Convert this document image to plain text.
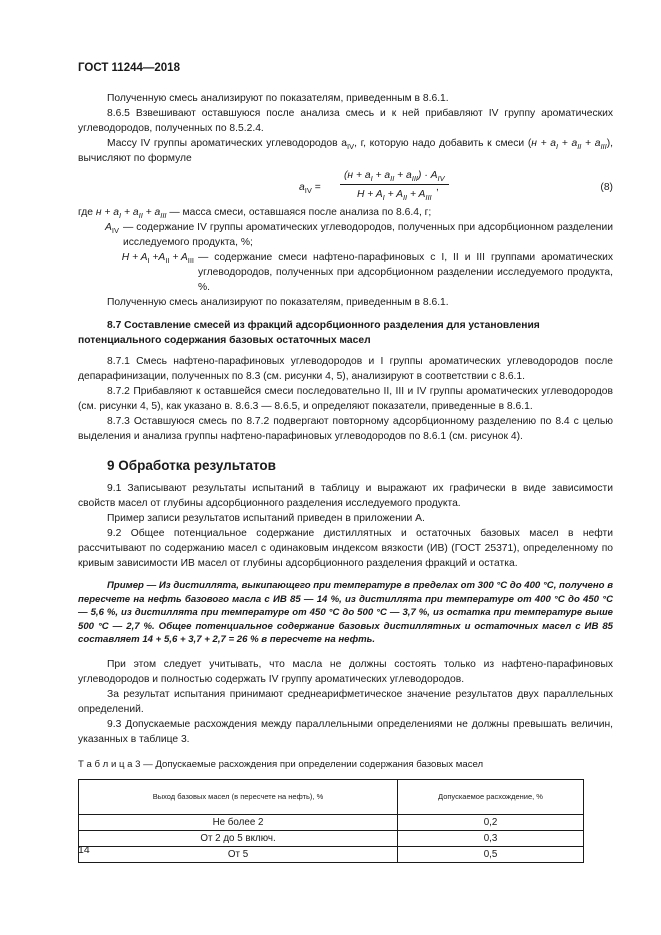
ГОСТ 11244—2018

Полученную смесь анализируют по показателям, приведенным в 8.6.1.

8.6.5 Взвешивают оставшуюся после анализа смесь и к ней прибавляют IV группу ароматических углеводородов, полученных по 8.5.2.4.

Массу IV группы ароматических углеводородов $a_{IV}$, г, которую надо добавить к смеси $(н + a_I + a_{II} + a_{III})$, вычисляют по формуле

$a_{IV}$ =
$(н + a_I + a_{II} + a_{III}) \cdot A_{IV}$
$H + A_I + A_{II} + A_{III}$
,	(8)

где $н + a_I + a_{II} + a_{III}$ — масса смеси, оставшаяся после анализа по 8.6.4, г;

$A_{IV}$ — содержание IV группы ароматических углеводородов, полученных при адсорбционном разделении исследуемого продукта, %;
$H + A_I +A_{II} + A_{III}$ — содержание смеси нафтено-парафиновых с I, II и III группами ароматических углеводородов, полученных при адсорбционном разделении исследуемого продукта, %.

Полученную смесь анализируют по показателям, приведенным в 8.6.1.

8.7 Составление смесей из фракций адсорбционного разделения для установления потенциального содержания базовых остаточных масел

8.7.1 Смесь нафтено-парафиновых углеводородов и I группы ароматических углеводородов после депарафинизации, полученных по 8.3 (см. рисунки 4, 5), анализируют в соответствии с 8.6.1.

8.7.2 Прибавляют к оставшейся смеси последовательно II, III и IV группы ароматических углеводородов (см. рисунки 4, 5), как указано в. 8.6.3 — 8.6.5, и определяют показатели, приведенные в 8.6.1.

8.7.3 Оставшуюся смесь по 8.7.2 подвергают повторному адсорбционному разделению по 8.4 с целью выделения и анализа группы нафтено-парафиновых углеводородов по 8.6.1 (см. рисунок 4).

9 Обработка результатов

9.1 Записывают результаты испытаний в таблицу и выражают их графически в виде зависимости свойств масел от глубины адсорбционного разделения исследуемого продукта.

Пример записи результатов испытаний приведен в приложении А.

9.2 Общее потенциальное содержание дистиллятных и остаточных базовых масел в нефти рассчитывают по содержанию масел с одинаковым индексом вязкости (ИВ) (ГОСТ 25371), определенному по кривым зависимости ИВ масел от глубины адсорбционного разделения фракций и остатка.

Пример — Из дистиллята, выкипающего при температуре в пределах от 300 °С до 400 °С, получено в пересчете на нефть базового масла с ИВ 85 — 14 %, из дистиллята при температуре от 400 °С до 450 °С — 5,6 %, из дистиллята при температуре от 450 °С до 500 °С — 3,7 %, из остатка при температуре выше 500 °С — 2,7 %. Общее потенциальное содержание базовых дистиллятных и остаточных масел с ИВ 85 составляет 14 + 5,6 + 3,7 + 2,7 = 26 % в пересчете на нефть.

При этом следует учитывать, что масла не должны состоять только из нафтено-парафиновых углеводородов и полностью содержать IV группу ароматических углеводородов.

За результат испытания принимают среднеарифметическое значение результатов двух параллельных определений.

9.3 Допускаемые расхождения между параллельными определениями не должны превышать величин, указанных в таблице 3.

Т а б л и ц а 3 — Допускаемые расхождения при определении содержания базовых масел
Выход базовых масел (в пересчете на нефть), %	Допускаемое расхождение, %
Не более 2	0,2
От 2 до 5 включ.	0,3
От 5	0,5
14
